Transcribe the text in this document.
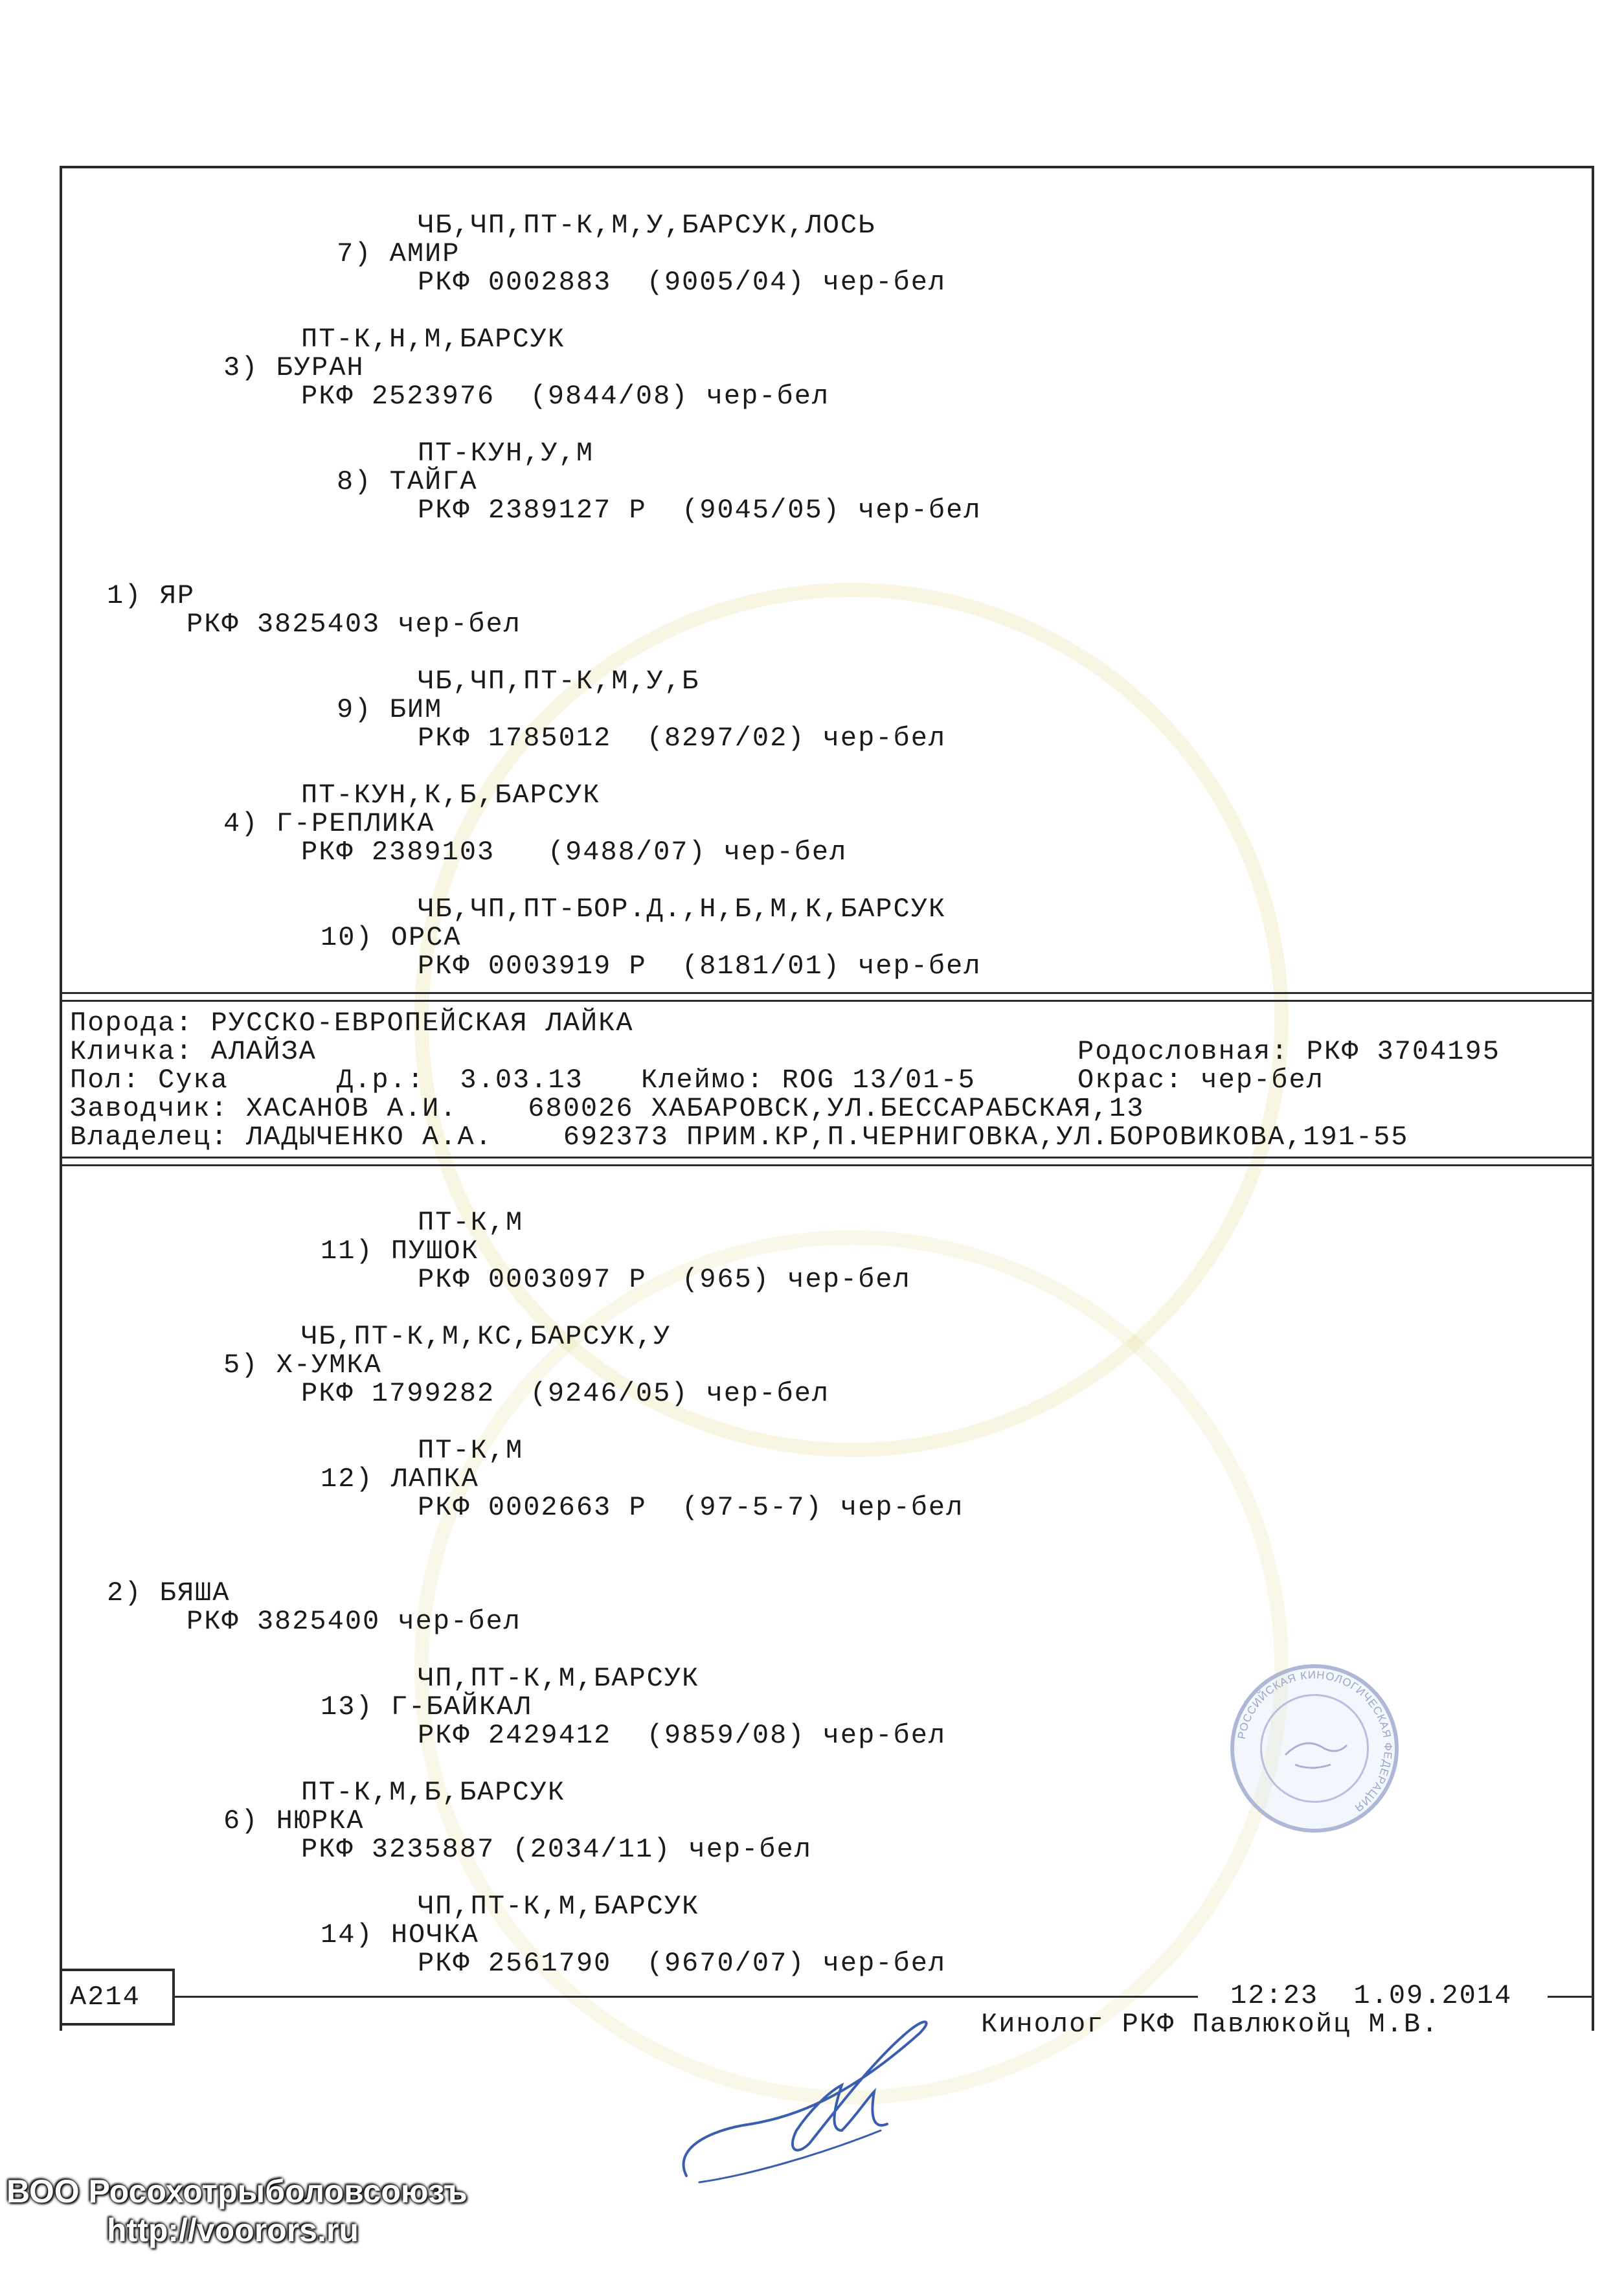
ЧБ,ЧП,ПТ-К,М,У,БАРСУК,ЛОСЬ
7) АМИР
РКФ 0002883  (9005/04) чер-бел
ПТ-К,Н,М,БАРСУК
3) БУРАН
РКФ 2523976  (9844/08) чер-бел
ПТ-КУН,У,М
8) ТАЙГА
РКФ 2389127 Р  (9045/05) чер-бел
1) ЯР
РКФ 3825403 чер-бел
ЧБ,ЧП,ПТ-К,М,У,Б
9) БИМ
РКФ 1785012  (8297/02) чер-бел
ПТ-КУН,К,Б,БАРСУК
4) Г-РЕПЛИКА
РКФ 2389103   (9488/07) чер-бел
ЧБ,ЧП,ПТ-БОР.Д.,Н,Б,М,К,БАРСУК
10) ОРСА
РКФ 0003919 Р  (8181/01) чер-бел
Порода: РУССКО-ЕВРОПЕЙСКАЯ ЛАЙКА
Кличка: АЛАЙЗА	Родословная: РКФ 3704195
Пол: Сука	Д.р.:  3.03.13 Клеймо: ROG 13/01-5	Окрас: чер-бел
Заводчик: ХАСАНОВ А.И.    680026 ХАБАРОВСК,УЛ.БЕССАРАБСКАЯ,13
Владелец: ЛАДЫЧЕНКО А.А.    692373 ПРИМ.КР,П.ЧЕРНИГОВКА,УЛ.БОРОВИКОВА,191-55
ПТ-К,М
11) ПУШОК
РКФ 0003097 Р  (965) чер-бел
ЧБ,ПТ-К,М,КС,БАРСУК,У
5) Х-УМКА
РКФ 1799282  (9246/05) чер-бел
ПТ-К,М
12) ЛАПКА
РКФ 0002663 Р  (97-5-7) чер-бел
2) БЯША
РКФ 3825400 чер-бел
ЧП,ПТ-К,М,БАРСУК
13) Г-БАЙКАЛ
РКФ 2429412  (9859/08) чер-бел
ПТ-К,М,Б,БАРСУК
6) НЮРКА
РКФ 3235887 (2034/11) чер-бел
ЧП,ПТ-К,М,БАРСУК
14) НОЧКА
РКФ 2561790  (9670/07) чер-бел
A214	12:23  1.09.2014
Кинолог РКФ Павлюкойц М.В.
РОССИЙСКАЯ КИНОЛОГИЧЕСКАЯ ФЕДЕРАЦИЯ
ВОО Росохотрыболовсоюзъ
http://voorors.ru
